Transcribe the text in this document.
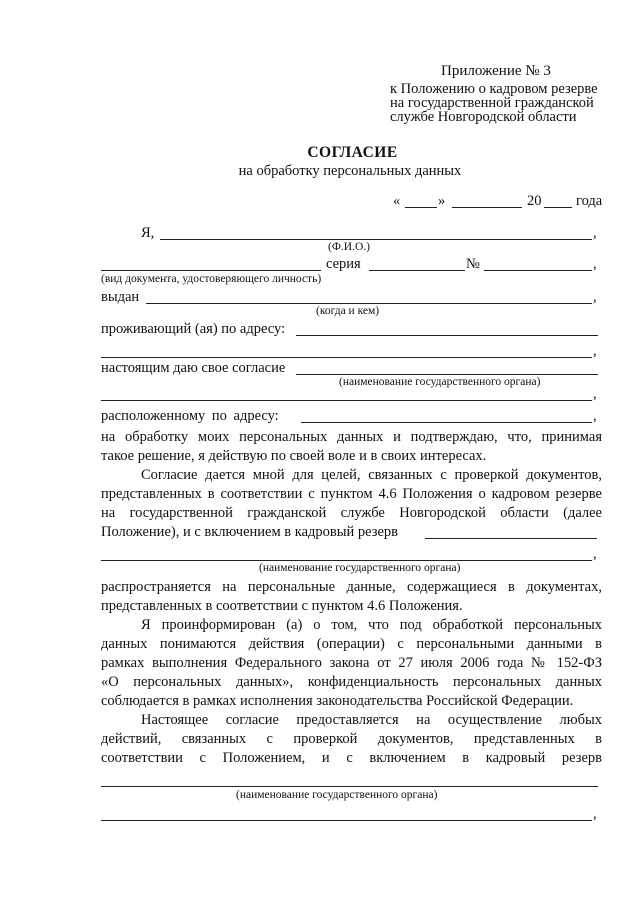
Приложение № 3
к Положению о кадровом резерве
на государственной гражданской
службе Новгородской области
СОГЛАСИЕ
на обработку персональных данных
«	»	20 года
Я,	,
(Ф.И.О.)
серия	№	,
(вид документа, удостоверяющего личность)
выдан	,
(когда и кем)
проживающий (ая) по адресу:
,
настоящим даю свое согласие
(наименование государственного органа)
,
расположенному по адресу:	,
на обработку моих персональных данных и подтверждаю, что, принимая
такое решение, я действую по своей воле и в своих интересах.
Согласие дается мной для целей, связанных с проверкой документов,
представленных в соответствии с пунктом 4.6 Положения о кадровом резерве
на государственной гражданской службе Новгородской области (далее
Положение), и с включением в кадровый резерв
,
(наименование государственного органа)
распространяется на персональные данные, содержащиеся в документах,
представленных в соответствии с пунктом 4.6 Положения.
Я проинформирован (а) о том, что под обработкой персональных
данных понимаются действия (операции) с персональными данными в
рамках выполнения Федерального закона от 27 июля 2006 года № 152-ФЗ
«О персональных данных», конфиденциальность персональных данных
соблюдается в рамках исполнения законодательства Российской Федерации.
Настоящее согласие предоставляется на осуществление любых
действий, связанных с проверкой документов, представленных в
соответствии с Положением, и с включением в кадровый резерв
(наименование государственного органа)
,
